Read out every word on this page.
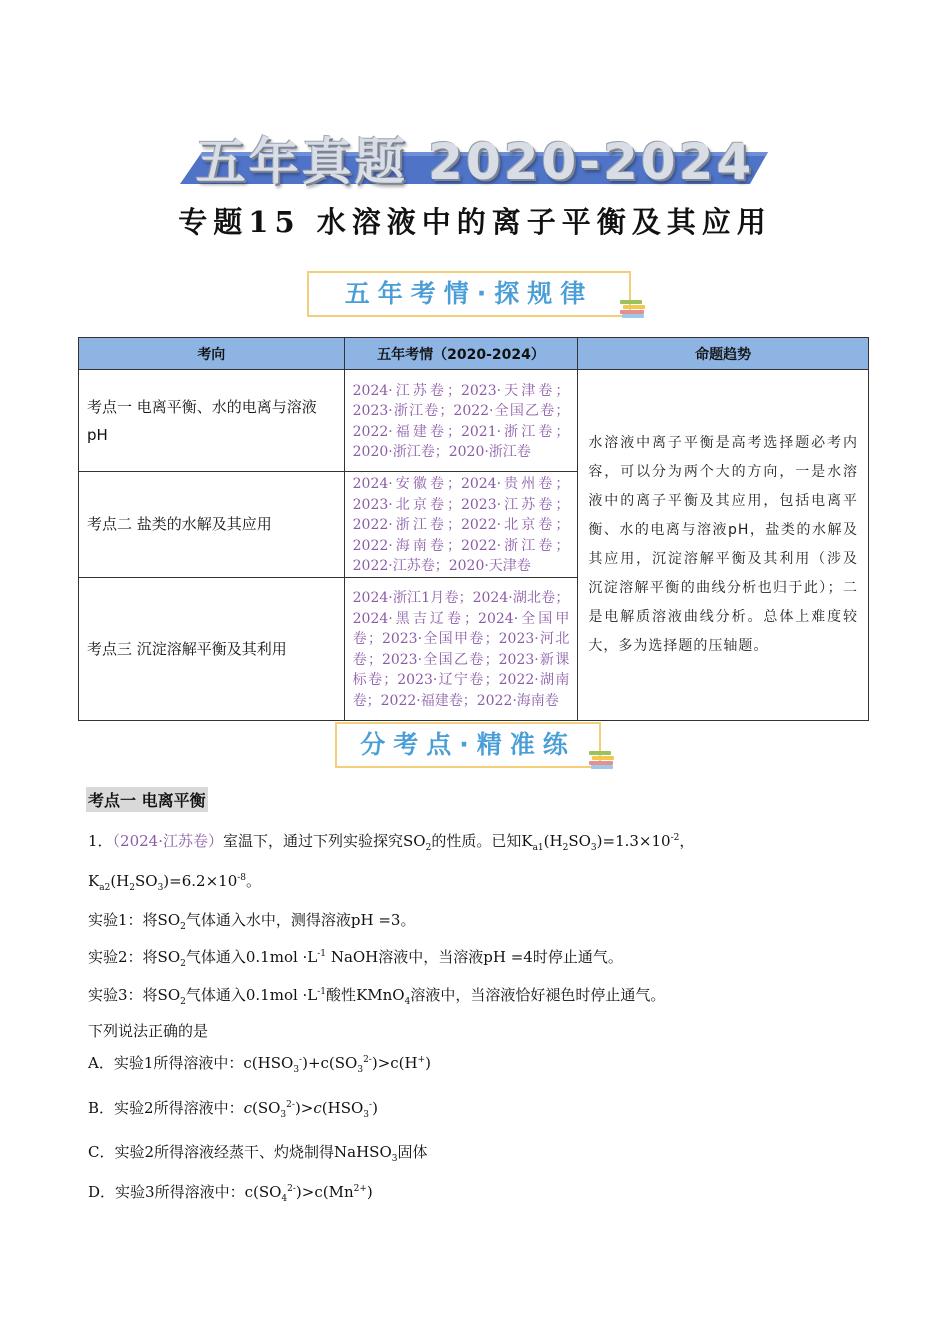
五年真题 2020-2024
专题15 水溶液中的离子平衡及其应用
五年考情·探规律
考向	五年考情（2020-2024）	命题趋势
考点一 电离平衡、水的电离与溶液pH	2024·江苏卷；2023·天津卷；2023·浙江卷；2022·全国乙卷；2022·福建卷；2021·浙江卷；2020·浙江卷；2020·浙江卷	水溶液中离子平衡是高考选择题必考内容，可以分为两个大的方向，一是水溶液中的离子平衡及其应用，包括电离平衡、水的电离与溶液pH，盐类的水解及其应用，沉淀溶解平衡及其利用（涉及沉淀溶解平衡的曲线分析也归于此）；二是电解质溶液曲线分析。总体上难度较大，多为选择题的压轴题。
考点二 盐类的水解及其应用	2024·安徽卷；2024·贵州卷；2023·北京卷；2023·江苏卷；2022·浙江卷；2022·北京卷；2022·海南卷；2022·浙江卷；2022·江苏卷；2020·天津卷	
考点三 沉淀溶解平衡及其利用	2024·浙江1月卷；2024·湖北卷；2024·黑吉辽卷；2024·全国甲卷；2023·全国甲卷；2023·河北卷；2023·全国乙卷；2023·新课标卷；2023·辽宁卷；2022·湖南卷；2022·福建卷；2022·海南卷	
分考点·精准练
考点一 电离平衡
1．（2024·江苏卷）室温下，通过下列实验探究$SO_2$的性质。已知$K_{a1}(H_2SO_3)=1.3\times 10^{-2}$，
$K_{a2}(H_2SO_3)=6.2\times 10^{-8}$。
实验1：将$SO_2$气体通入水中，测得溶液pH =3。
实验2：将$SO_2$气体通入$0.1mol \cdot L^{-1}$ NaOH溶液中，当溶液pH =4时停止通气。
实验3：将$SO_2$气体通入$0.1mol \cdot L^{-1}$酸性KMnO$_4$溶液中，当溶液恰好褪色时停止通气。
下列说法正确的是
A．实验1所得溶液中：$c(HSO_3^-)+c(SO_3^{2-})>c(H^+)$
B．实验2所得溶液中：$c(SO_3^{2-})>c(HSO_3^-)$
C．实验2所得溶液经蒸干、灼烧制得NaHSO$_3$固体
D．实验3所得溶液中：$c(SO_4^{2-})>c(Mn^{2+})$
